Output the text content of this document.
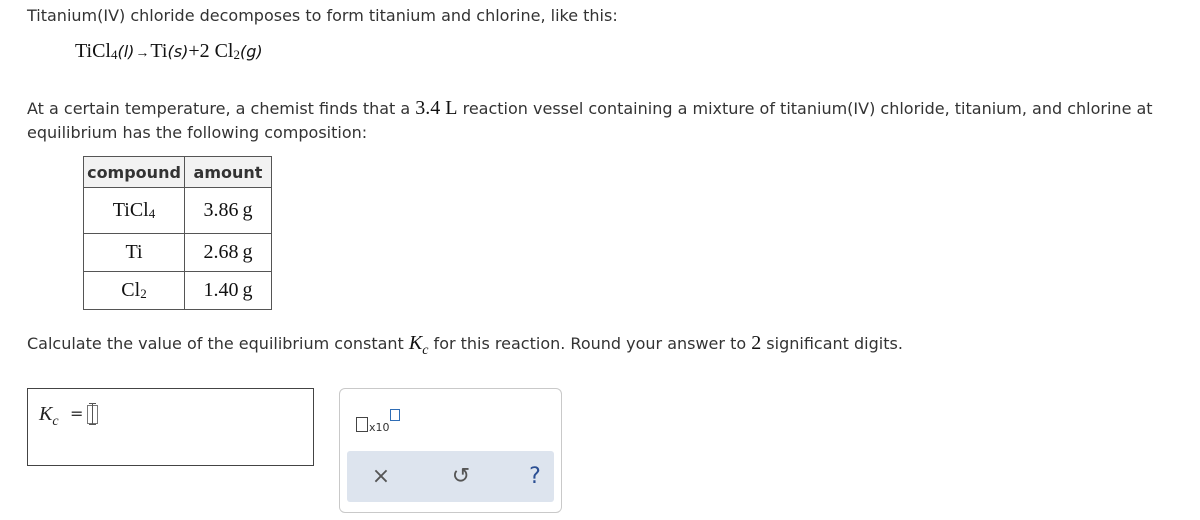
Titanium(IV) chloride decomposes to form titanium and chlorine, like this:
TiCl$_4$(l)→Ti(s)+2 $Cl_2(g)$
At a certain temperature, a chemist finds that a 3.4 L reaction vessel containing a mixture of titanium(IV) chloride, titanium, and chlorine at equilibrium has the following composition:
compound	amount
TiCl$_4$	3.86 g
Ti	2.68 g
$Cl_2$	1.40 g
Calculate the value of the equilibrium constant $K_c$ for this reaction. Round your answer to 2 significant digits.
$K_c$ =
x10
×	↺	?
